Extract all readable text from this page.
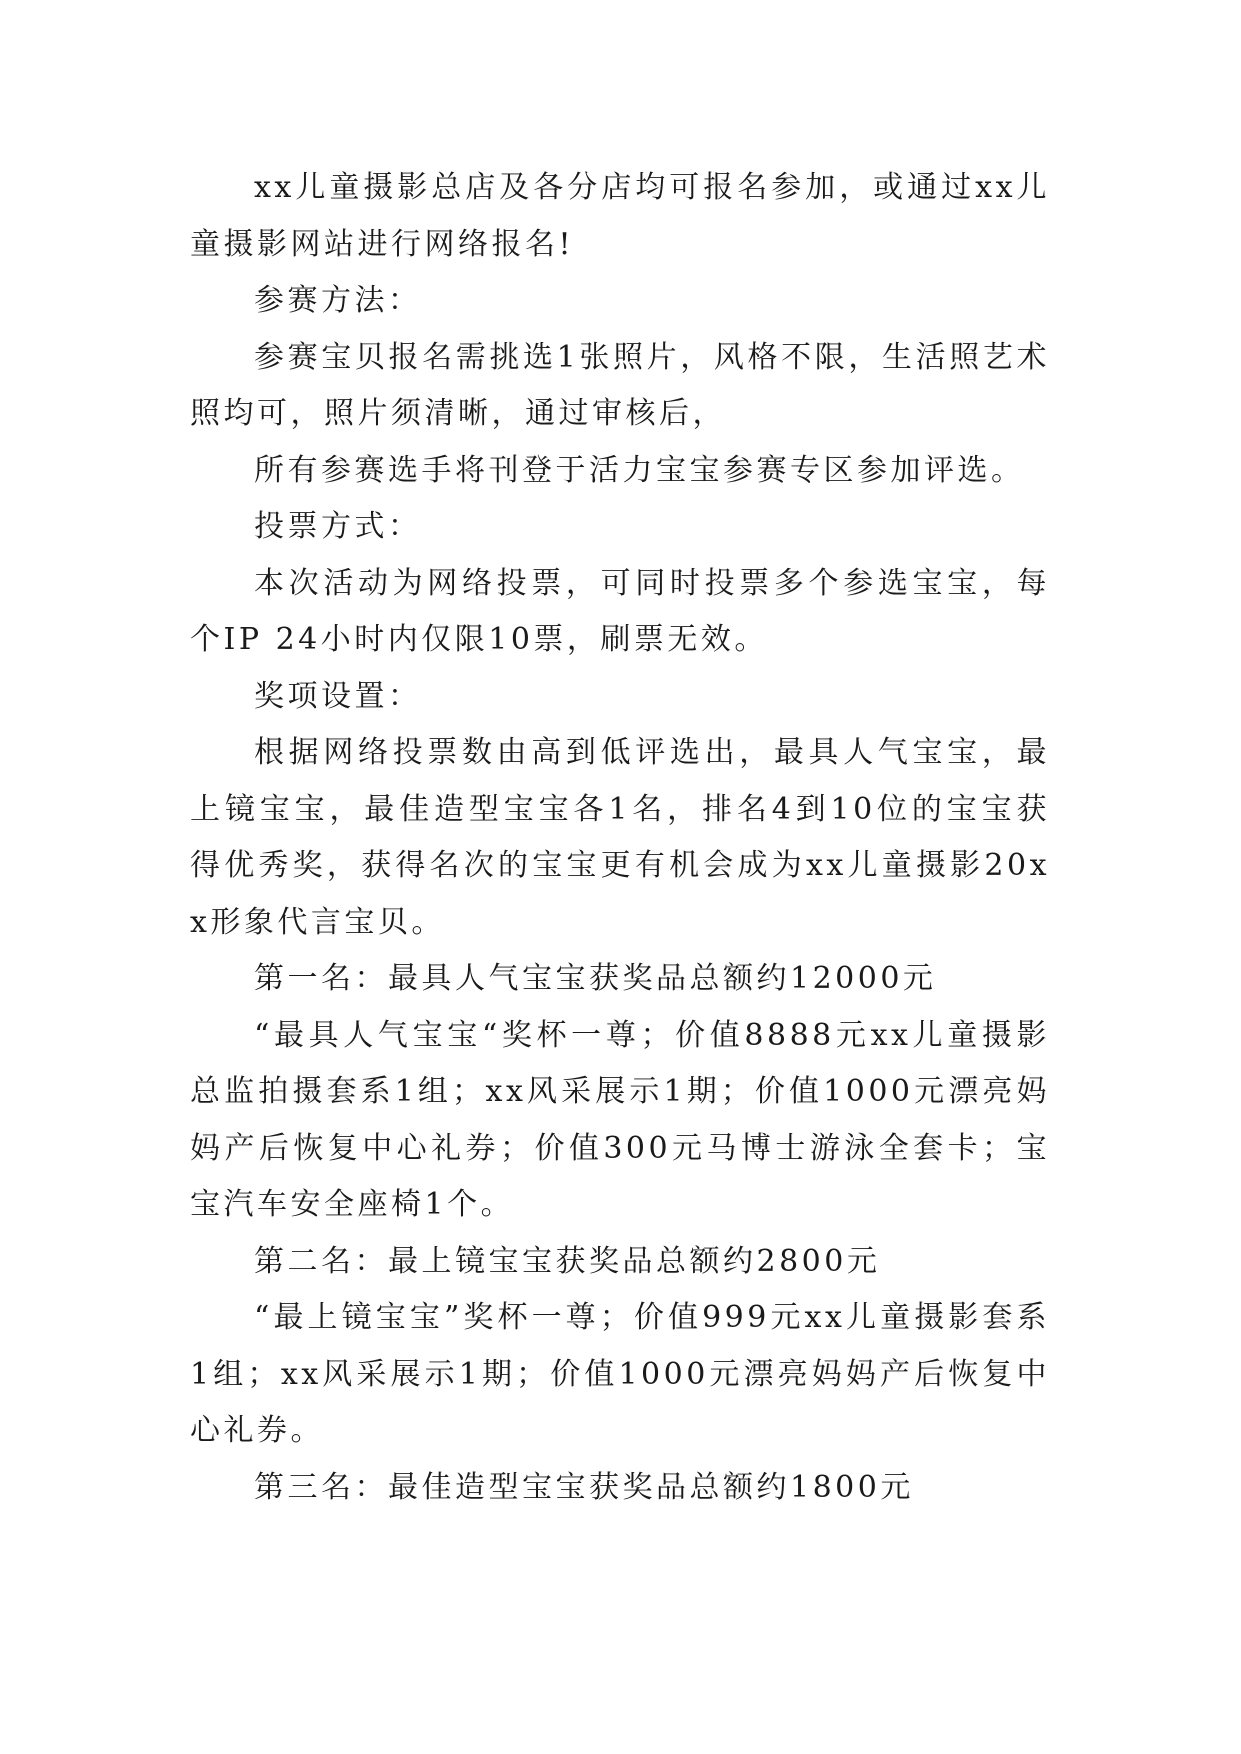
xx儿童摄影总店及各分店均可报名参加，或通过xx儿童摄影网站进行网络报名!

参赛方法：

参赛宝贝报名需挑选1张照片，风格不限，生活照艺术照均可，照片须清晰，通过审核后，

所有参赛选手将刊登于活力宝宝参赛专区参加评选。

投票方式：

本次活动为网络投票，可同时投票多个参选宝宝，每个IP 24小时内仅限10票，刷票无效。

奖项设置：

根据网络投票数由高到低评选出，最具人气宝宝，最上镜宝宝，最佳造型宝宝各1名，排名4到10位的宝宝获得优秀奖，获得名次的宝宝更有机会成为xx儿童摄影20xx形象代言宝贝。

第一名：最具人气宝宝获奖品总额约12000元

“最具人气宝宝“奖杯一尊；价值8888元xx儿童摄影总监拍摄套系1组；xx风采展示1期；价值1000元漂亮妈妈产后恢复中心礼券；价值300元马博士游泳全套卡；宝宝汽车安全座椅1个。

第二名：最上镜宝宝获奖品总额约2800元

“最上镜宝宝”奖杯一尊；价值999元xx儿童摄影套系1组；xx风采展示1期；价值1000元漂亮妈妈产后恢复中心礼券。

第三名：最佳造型宝宝获奖品总额约1800元
